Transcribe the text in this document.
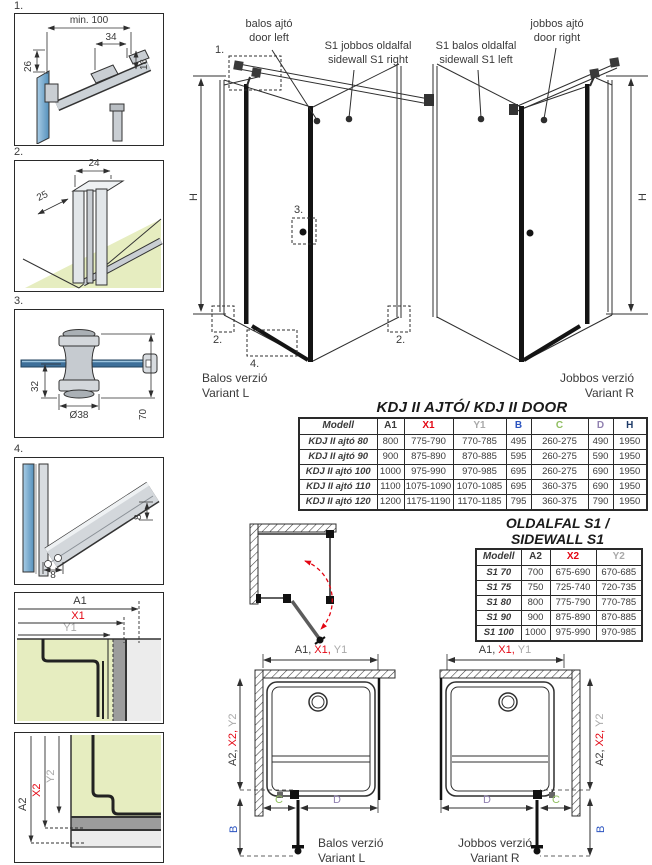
1.
min. 100
34
16
26
2.
24
25
3.
32
Ø38	70
4.
8
8
A1
X1
Y1
A2
X2
Y2
balos ajtó
door left
S1 jobbos oldalfal
sidewall S1 right
H
1.
3.
2.	2.
4.
Balos verzió
Variant L
jobbos ajtó
door right
S1 balos oldalfal
sidewall S1 left
H
Jobbos verzió
Variant R
KDJ II AJTÓ/ KDJ II DOOR
Modell	A1	X1	Y1	B	C	D	H
KDJ II ajtó 80	800	775-790	770-785	495	260-275	490	1950
KDJ II ajtó 90	900	875-890	870-885	595	260-275	590	1950
KDJ II ajtó 100	1000	975-990	970-985	695	260-275	690	1950
KDJ II ajtó 110	1100	1075-1090	1070-1085	695	360-375	690	1950
KDJ II ajtó 120	1200	1175-1190	1170-1185	795	360-375	790	1950
OLDALFAL S1 /
SIDEWALL S1
Modell	A2	X2	Y2
S1 70	700	675-690	670-685
S1 75	750	725-740	720-735
S1 80	800	775-790	770-785
S1 90	900	875-890	870-885
S1 100	1000	975-990	970-985
A1, X1, Y1
A2,X2,Y2
B
C	D
Balos verzió
Variant L
A1, X1, Y1
A2,X2,Y2
B
D	C
Jobbos verzió
Variant R
